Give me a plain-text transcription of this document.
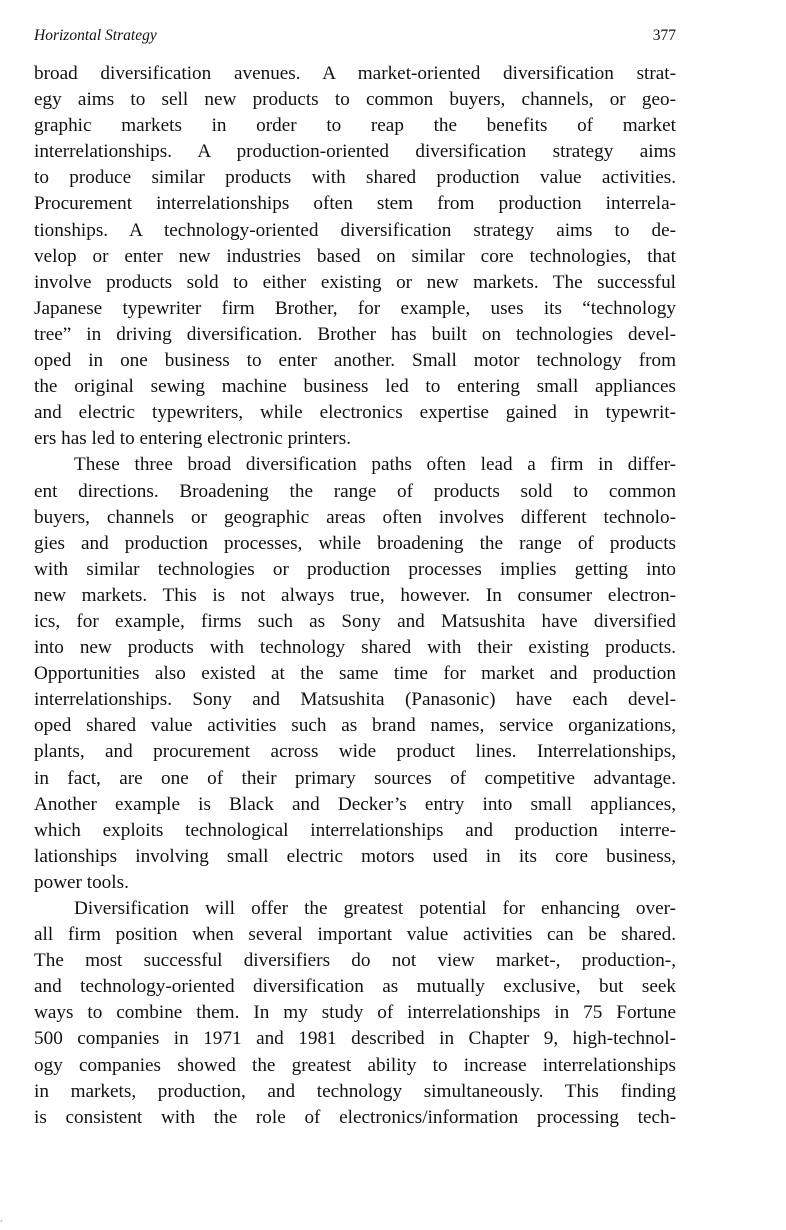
Horizontal Strategy	377
broad diversification avenues. A market-oriented diversification strat-
egy aims to sell new products to common buyers, channels, or geo-
graphic markets in order to reap the benefits of market
interrelationships. A production-oriented diversification strategy aims
to produce similar products with shared production value activities.
Procurement interrelationships often stem from production interrela-
tionships. A technology-oriented diversification strategy aims to de-
velop or enter new industries based on similar core technologies, that
involve products sold to either existing or new markets. The successful
Japanese typewriter firm Brother, for example, uses its “technology
tree” in driving diversification. Brother has built on technologies devel-
oped in one business to enter another. Small motor technology from
the original sewing machine business led to entering small appliances
and electric typewriters, while electronics expertise gained in typewrit-
ers has led to entering electronic printers.
These three broad diversification paths often lead a firm in differ-
ent directions. Broadening the range of products sold to common
buyers, channels or geographic areas often involves different technolo-
gies and production processes, while broadening the range of products
with similar technologies or production processes implies getting into
new markets. This is not always true, however. In consumer electron-
ics, for example, firms such as Sony and Matsushita have diversified
into new products with technology shared with their existing products.
Opportunities also existed at the same time for market and production
interrelationships. Sony and Matsushita (Panasonic) have each devel-
oped shared value activities such as brand names, service organizations,
plants, and procurement across wide product lines. Interrelationships,
in fact, are one of their primary sources of competitive advantage.
Another example is Black and Decker’s entry into small appliances,
which exploits technological interrelationships and production interre-
lationships involving small electric motors used in its core business,
power tools.
Diversification will offer the greatest potential for enhancing over-
all firm position when several important value activities can be shared.
The most successful diversifiers do not view market-, production-,
and technology-oriented diversification as mutually exclusive, but seek
ways to combine them. In my study of interrelationships in 75 Fortune
500 companies in 1971 and 1981 described in Chapter 9, high-technol-
ogy companies showed the greatest ability to increase interrelationships
in markets, production, and technology simultaneously. This finding
is consistent with the role of electronics/information processing tech-
•
